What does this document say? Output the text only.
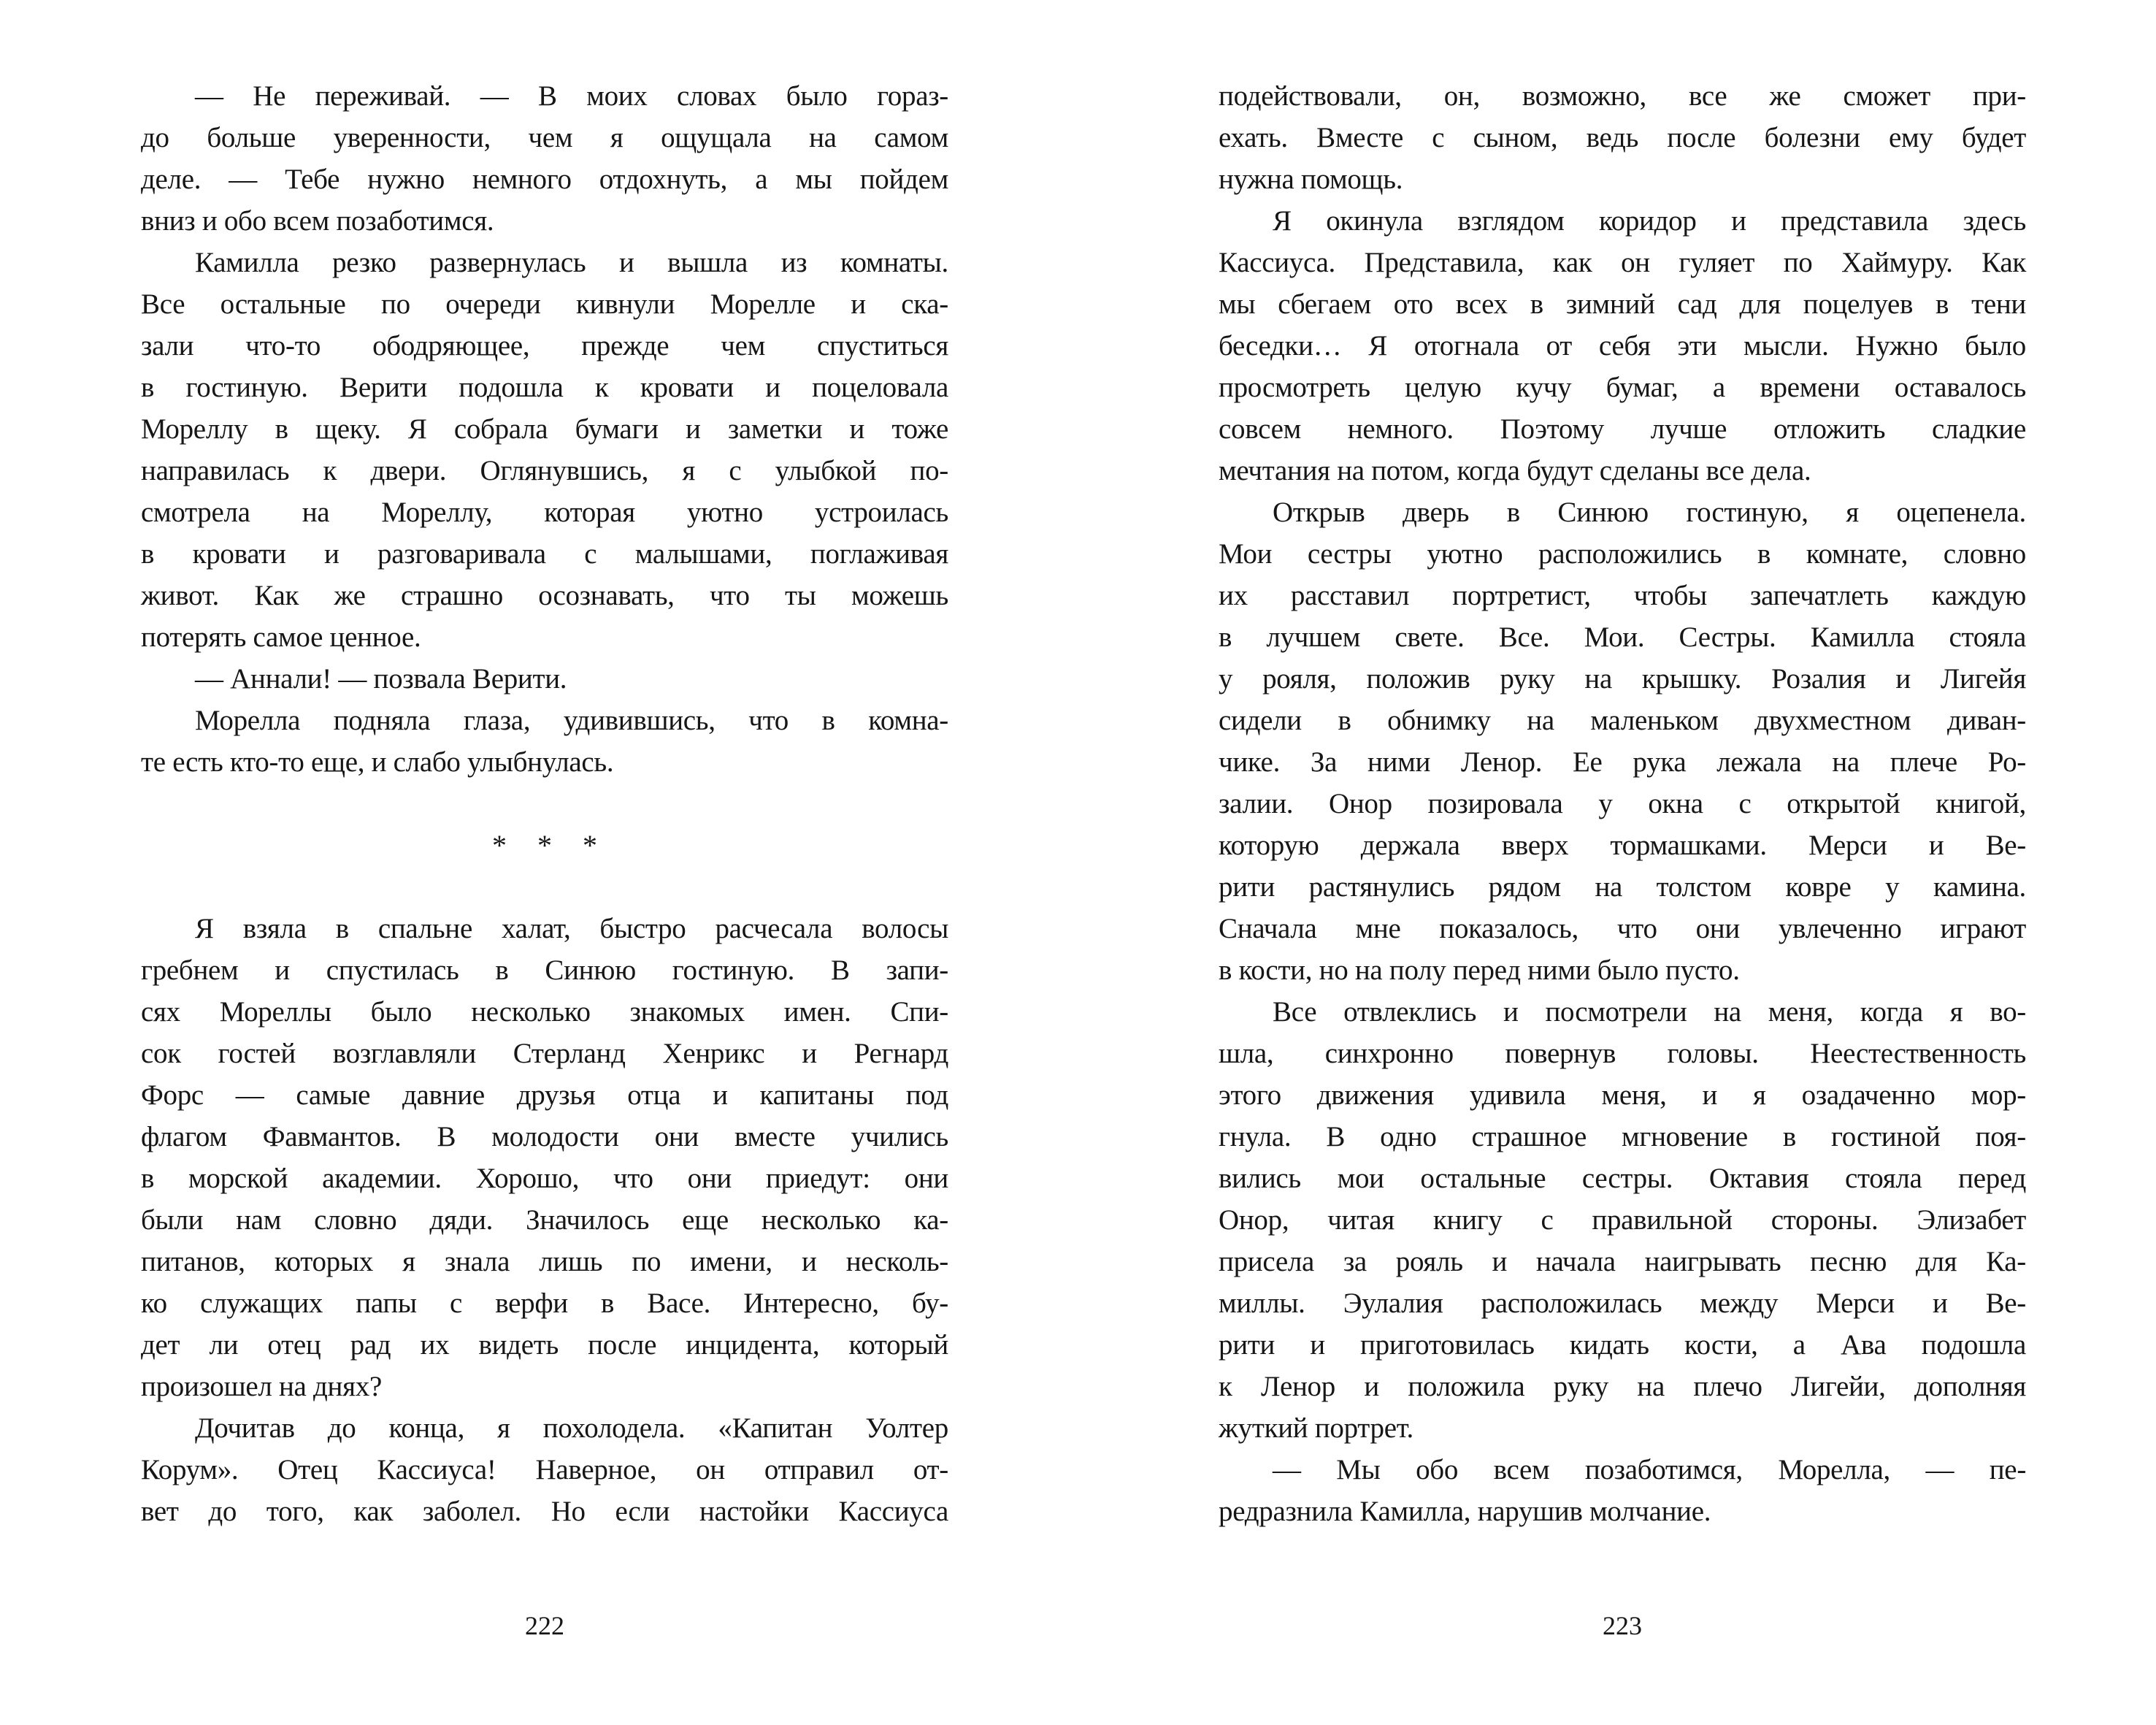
— Не переживай. — В моих словах было гораз-
до больше уверенности, чем я ощущала на самом
деле. — Тебе нужно немного отдохнуть, а мы пойдем
вниз и обо всем позаботимся.
Камилла резко развернулась и вышла из комнаты.
Все остальные по очереди кивнули Морелле и ска-
зали что-то ободряющее, прежде чем спуститься
в гостиную. Верити подошла к кровати и поцеловала
Мореллу в щеку. Я собрала бумаги и заметки и тоже
направилась к двери. Оглянувшись, я с улыбкой по-
смотрела на Мореллу, которая уютно устроилась
в кровати и разговаривала с малышами, поглаживая
живот. Как же страшно осознавать, что ты можешь
потерять самое ценное.
— Аннали! — позвала Верити.
Морелла подняла глаза, удивившись, что в комна-
те есть кто-то еще, и слабо улыбнулась.
* * *
Я взяла в спальне халат, быстро расчесала волосы
гребнем и спустилась в Синюю гостиную. В запи-
сях Мореллы было несколько знакомых имен. Спи-
сок гостей возглавляли Стерланд Хенрикс и Регнард
Форс — самые давние друзья отца и капитаны под
флагом Фавмантов. В молодости они вместе учились
в морской академии. Хорошо, что они приедут: они
были нам словно дяди. Значилось еще несколько ка-
питанов, которых я знала лишь по имени, и несколь-
ко служащих папы с верфи в Васе. Интересно, бу-
дет ли отец рад их видеть после инцидента, который
произошел на днях?
Дочитав до конца, я похолодела. «Капитан Уолтер
Корум». Отец Кассиуса! Наверное, он отправил от-
вет до того, как заболел. Но если настойки Кассиуса
222
подействовали, он, возможно, все же сможет при-
ехать. Вместе с сыном, ведь после болезни ему будет
нужна помощь.
Я окинула взглядом коридор и представила здесь
Кассиуса. Представила, как он гуляет по Хаймуру. Как
мы сбегаем ото всех в зимний сад для поцелуев в тени
беседки… Я отогнала от себя эти мысли. Нужно было
просмотреть целую кучу бумаг, а времени оставалось
совсем немного. Поэтому лучше отложить сладкие
мечтания на потом, когда будут сделаны все дела.
Открыв дверь в Синюю гостиную, я оцепенела.
Мои сестры уютно расположились в комнате, словно
их расставил портретист, чтобы запечатлеть каждую
в лучшем свете. Все. Мои. Сестры. Камилла стояла
у рояля, положив руку на крышку. Розалия и Лигейя
сидели в обнимку на маленьком двухместном диван-
чике. За ними Ленор. Ее рука лежала на плече Ро-
залии. Онор позировала у окна с открытой книгой,
которую держала вверх тормашками. Мерси и Ве-
рити растянулись рядом на толстом ковре у камина.
Сначала мне показалось, что они увлеченно играют
в кости, но на полу перед ними было пусто.
Все отвлеклись и посмотрели на меня, когда я во-
шла, синхронно повернув головы. Неестественность
этого движения удивила меня, и я озадаченно мор-
гнула. В одно страшное мгновение в гостиной поя-
вились мои остальные сестры. Октавия стояла перед
Онор, читая книгу с правильной стороны. Элизабет
присела за рояль и начала наигрывать песню для Ка-
миллы. Эулалия расположилась между Мерси и Ве-
рити и приготовилась кидать кости, а Ава подошла
к Ленор и положила руку на плечо Лигейи, дополняя
жуткий портрет.
— Мы обо всем позаботимся, Морелла, — пе-
редразнила Камилла, нарушив молчание.
223
